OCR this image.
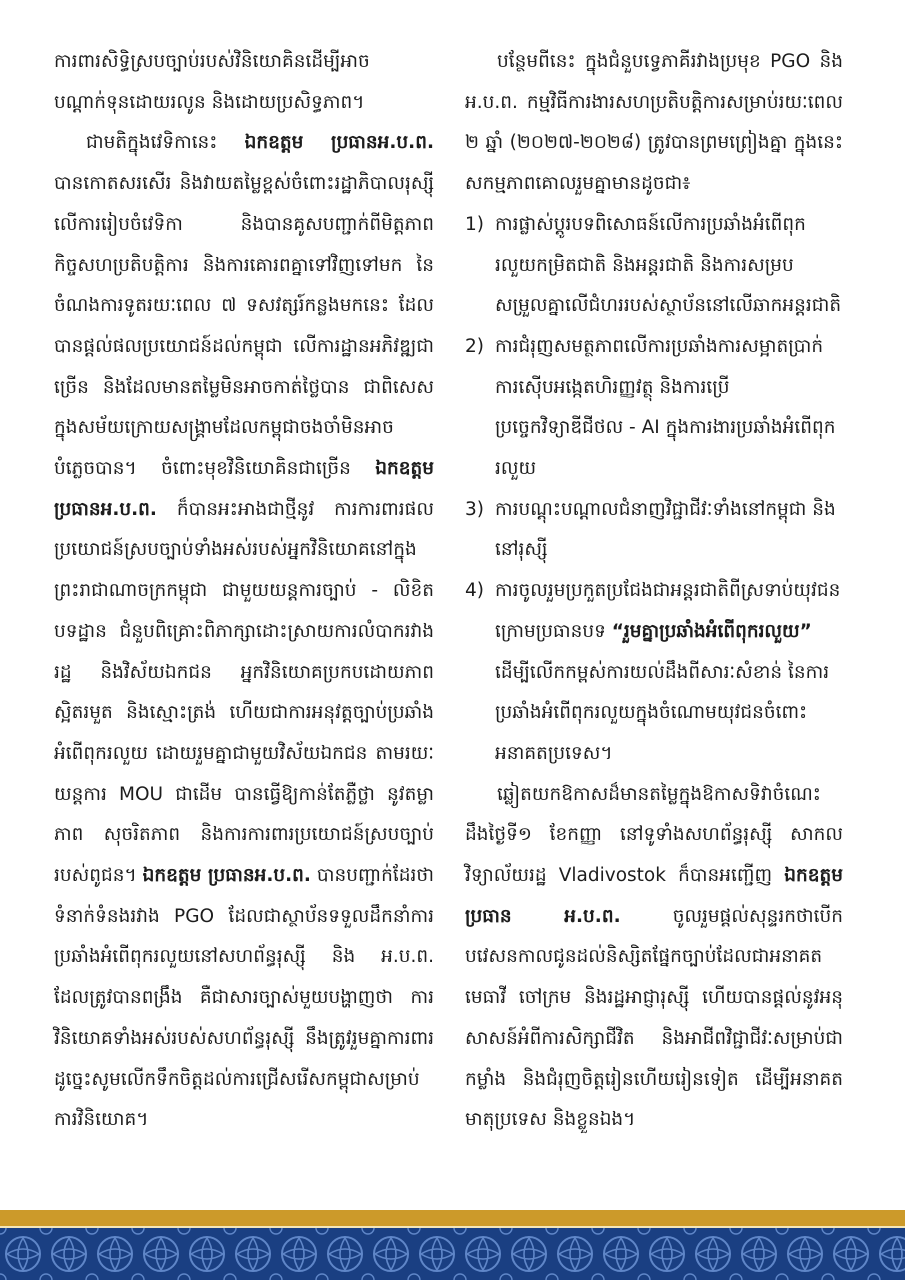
ការពារសិទ្ធិស្របច្បាប់របស់វិនិយោគិនដើម្បីអាចបណ្តាក់ទុនដោយរលូន និងដោយប្រសិទ្ធភាព។

ជាមតិក្នុងវេទិកានេះ ឯកឧត្តម ប្រធានអ.ប.ព. បានកោតសរសើរ និងវាយតម្លៃខ្ពស់ចំពោះរដ្ឋាភិបាលរុស្ស៊ី លើការរៀបចំវេទិកា និងបានគូសបញ្ជាក់ពីមិត្តភាព កិច្ចសហប្រតិបត្តិការ និងការគោរពគ្នាទៅវិញទៅមក នៃចំណងការទូតរយៈពេល ៧ ទសវត្សរ៍កន្លងមកនេះ ដែលបានផ្តល់ផលប្រយោជន៍ដល់កម្ពុជា លើការដ្ឋានអភិវឌ្ឍជាច្រើន និងដែលមានតម្លៃមិនអាចកាត់ថ្លៃបាន ជាពិសេសក្នុងសម័យក្រោយសង្គ្រាមដែលកម្ពុជាចងចាំមិនអាចបំភ្លេចបាន។ ចំពោះមុខវិនិយោគិនជាច្រើន ឯកឧត្តម ប្រធានអ.ប.ព. ក៏បានអះអាងជាថ្មីនូវ ការការពារផលប្រយោជន៍ស្របច្បាប់ទាំងអស់របស់អ្នកវិនិយោគនៅក្នុងព្រះរាជាណាចក្រកម្ពុជា ជាមួយយន្តការច្បាប់ - លិខិតបទដ្ឋាន ជំនួបពិគ្រោះពិភាក្សាដោះស្រាយការលំបាករវាងរដ្ឋ និងវិស័យឯកជន អ្នកវិនិយោគប្រកបដោយភាពស្អិតរមួត និងស្មោះត្រង់ ហើយជាការអនុវត្តច្បាប់ប្រឆាំងអំពើពុករលួយ ដោយរួមគ្នាជាមួយវិស័យឯកជន តាមរយៈយន្តការ MOU ជាដើម បានធ្វើឱ្យកាន់តែភ្លឺថ្លា នូវតម្លាភាព សុចរិតភាព និងការការពារប្រយោជន៍ស្របច្បាប់របស់ពូជន។ ឯកឧត្តម ប្រធានអ.ប.ព. បានបញ្ជាក់ដែរថា ទំនាក់ទំនងរវាង PGO ដែលជាស្ថាប័នទទួលដឹកនាំការប្រឆាំងអំពើពុករលួយនៅសហព័ន្ធរុស្ស៊ី និង អ.ប.ព. ដែលត្រូវបានពង្រឹង គឺជាសារច្បាស់មួយបង្ហាញថា ការវិនិយោគទាំងអស់របស់សហព័ន្ធរុស្ស៊ី នឹងត្រូវរួមគ្នាការពារ ដូច្នេះសូមលើកទឹកចិត្តដល់ការជ្រើសរើសកម្ពុជាសម្រាប់ការវិនិយោគ។

បន្ថែមពីនេះ ក្នុងជំនួបទ្វេភាគីរវាងប្រមុខ PGO និង អ.ប.ព. កម្មវិធីការងារសហប្រតិបត្តិការសម្រាប់រយៈពេល ២ ឆ្នាំ (២០២៧-២០២៨) ត្រូវបានព្រមព្រៀងគ្នា ក្នុងនេះសកម្មភាពគោលរួមគ្នាមានដូចជា៖

1) ការផ្លាស់ប្តូរបទពិសោធន៍លើការប្រឆាំងអំពើពុករលួយកម្រិតជាតិ និងអន្តរជាតិ និងការសម្របសម្រួលគ្នាលើជំហររបស់ស្ថាប័ននៅលើឆាកអន្តរជាតិ
2) ការជំរុញសមត្ថភាពលើការប្រឆាំងការសម្អាតប្រាក់ ការស៊ើបអង្កេតហិរញ្ញវត្ថុ និងការប្រើប្រច្ចេកវិទ្យាឌីជីថល - AI ក្នុងការងារប្រឆាំងអំពើពុករលួយ
3) ការបណ្តុះបណ្តាលជំនាញវិជ្ជាជីវៈទាំងនៅកម្ពុជា និងនៅរុស្ស៊ី
4) ការចូលរួមប្រកួតប្រជែងជាអន្តរជាតិពីស្រទាប់យុវជនក្រោមប្រធានបទ “រួមគ្នាប្រឆាំងអំពើពុករលួយ” ដើម្បីលើកកម្ពស់ការយល់ដឹងពីសារៈសំខាន់ នៃការប្រឆាំងអំពើពុករលួយក្នុងចំណោមយុវជនចំពោះអនាគតប្រទេស។

ឆ្លៀតយកឱកាសដ៏មានតម្លៃក្នុងឱកាសទិវាចំណេះដឹងថ្ងៃទី១ ខែកញ្ញា នៅទូទាំងសហព័ន្ធរុស្ស៊ី សាកលវិទ្យាល័យរដ្ឋ Vladivostok ក៏បានអញ្ជើញ ឯកឧត្តម ប្រធាន អ.ប.ព. ចូលរួមផ្តល់សុន្ទរកថាបើកបវេសនកាលជូនដល់និស្សិតផ្នែកច្បាប់ដែលជាអនាគតមេធាវី ចៅក្រម និងរដ្ឋអាជ្ញារុស្ស៊ី ហើយបានផ្តល់នូវអនុសាសន៍អំពីការសិក្សាជីវិត និងអាជីពវិជ្ជាជីវៈសម្រាប់ជាកម្លាំង និងជំរុញចិត្តរៀនហើយរៀនទៀត ដើម្បីអនាគតមាតុប្រទេស និងខ្លួនឯង។
